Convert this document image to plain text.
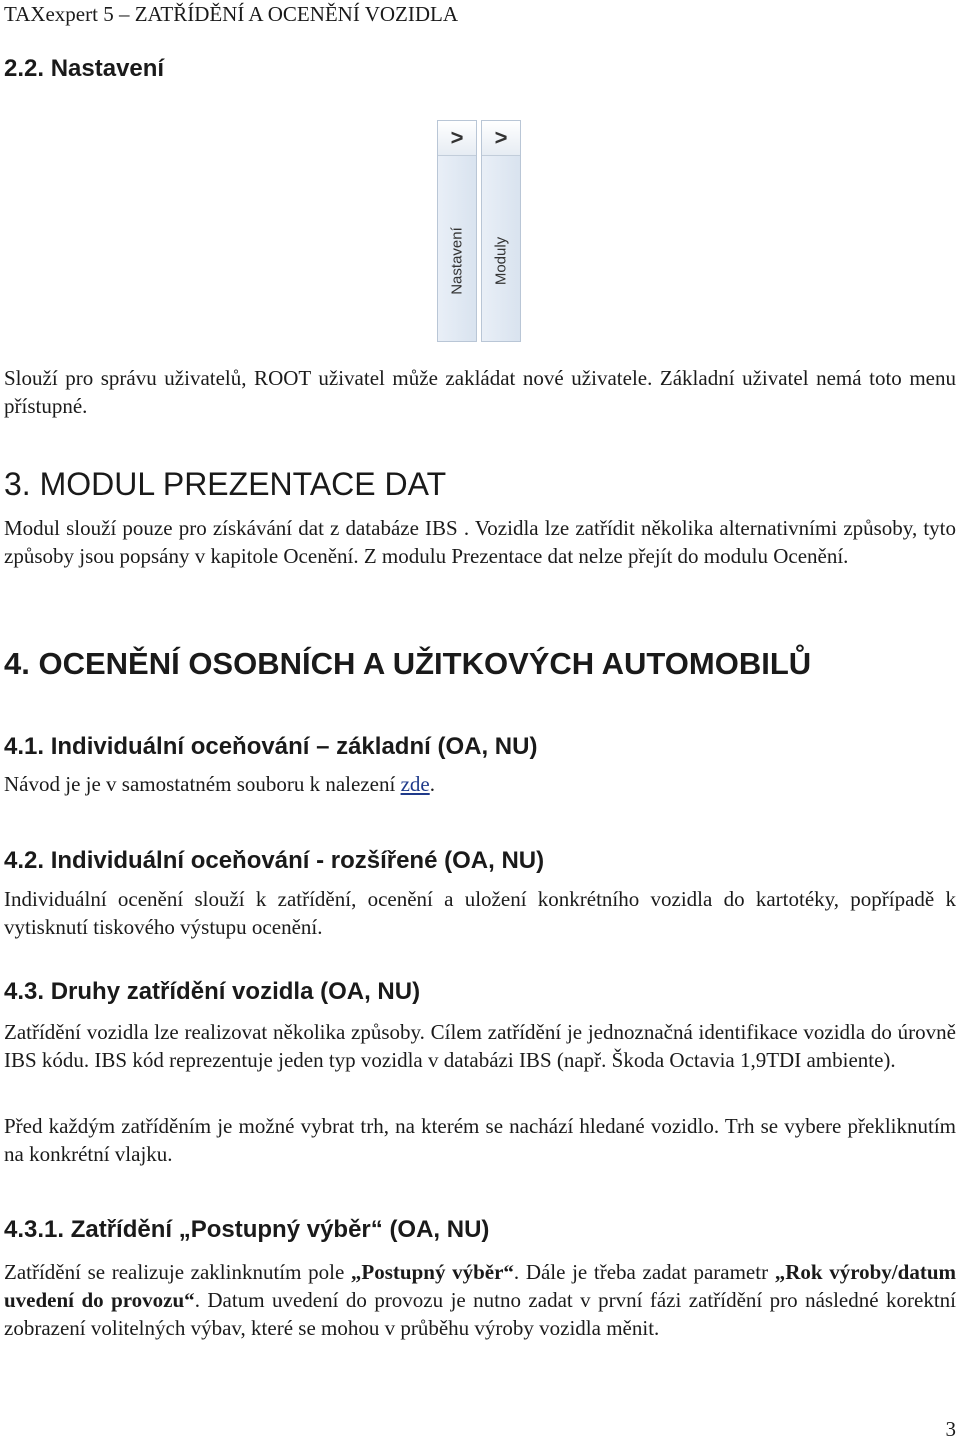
TAXexpert 5 – ZATŘÍDĚNÍ A OCENĚNÍ VOZIDLA
2.2. Nastavení
>
Nastavení
>
Moduly

Slouží pro správu uživatelů, ROOT uživatel může zakládat nové uživatele. Základní uživatel nemá toto menu přístupné.

3. MODUL PREZENTACE DAT

Modul slouží pouze pro získávání dat z databáze IBS . Vozidla lze zatřídit několika alternativními způsoby, tyto způsoby jsou popsány v kapitole Ocenění. Z modulu Prezentace dat nelze přejít do modulu Ocenění.

4. OCENĚNÍ OSOBNÍCH A UŽITKOVÝCH AUTOMOBILŮ
4.1. Individuální oceňování – základní (OA, NU)

Návod je je v samostatném souboru k nalezení zde.

4.2. Individuální oceňování - rozšířené (OA, NU)

Individuální ocenění slouží k zatřídění, ocenění a uložení konkrétního vozidla do kartotéky, popřípadě k vytisknutí tiskového výstupu ocenění.

4.3. Druhy zatřídění vozidla (OA, NU)

Zatřídění vozidla lze realizovat několika způsoby. Cílem zatřídění je jednoznačná identifikace vozidla do úrovně IBS kódu. IBS kód reprezentuje jeden typ vozidla v databázi IBS (např. Škoda Octavia 1,9TDI ambiente).

Před každým zatříděním je možné vybrat trh, na kterém se nachází hledané vozidlo. Trh se vybere překliknutím na konkrétní vlajku.

4.3.1. Zatřídění „Postupný výběr“ (OA, NU)

Zatřídění se realizuje zaklinknutím pole „Postupný výběr“. Dále je třeba zadat parametr „Rok výroby/datum uvedení do provozu“. Datum uvedení do provozu je nutno zadat v první fázi zatřídění pro následné korektní zobrazení volitelných výbav, které se mohou v průběhu výroby vozidla měnit.

3
